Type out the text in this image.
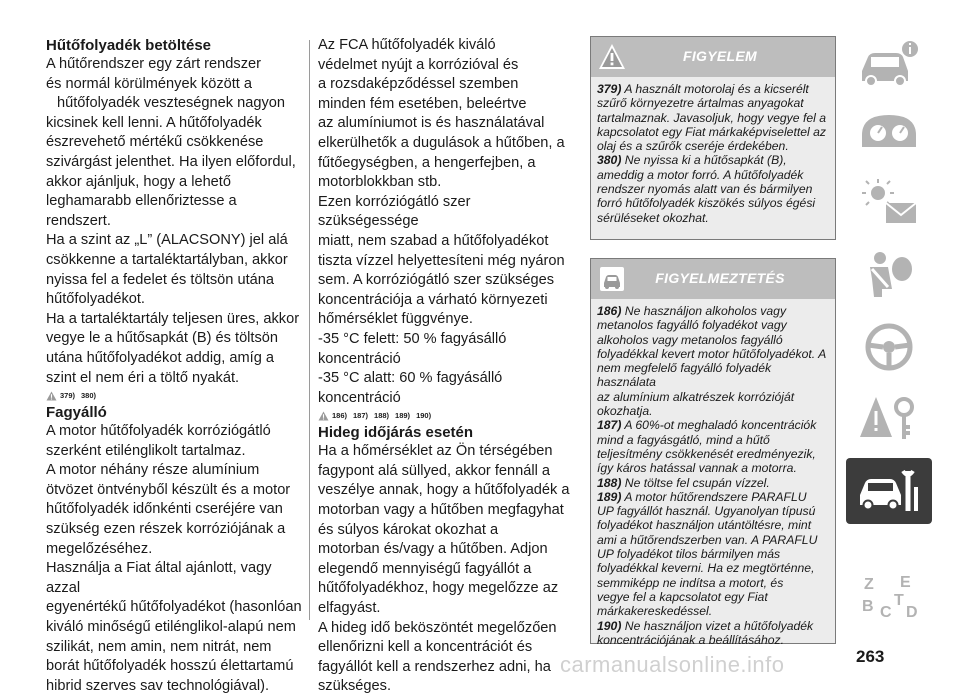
Hűtőfolyadék betöltése

A hűtőrendszer egy zárt rendszer

és normál körülmények között a

hűtőfolyadék veszteségnek nagyon

kicsinek kell lenni. A hűtőfolyadék

észrevehető mértékű csökkenése

szivárgást jelenthet. Ha ilyen előfordul,

akkor ajánljuk, hogy a lehető

leghamarabb ellenőriztesse a rendszert.

Ha a szint az „L” (ALACSONY) jel alá

csökkenne a tartaléktartályban, akkor

nyissa fel a fedelet és töltsön utána

hűtőfolyadékot.

Ha a tartaléktartály teljesen üres, akkor

vegye le a hűtősapkát (B) és töltsön

utána hűtőfolyadékot addig, amíg a

szint el nem éri a töltő nyakát.

379) 380)
Fagyálló

A motor hűtőfolyadék korróziógátló

szerként etilénglikolt tartalmaz.

A motor néhány része alumínium

ötvözet öntvényből készült és a motor

hűtőfolyadék időnkénti cseréjére van

szükség ezen részek korróziójának a

megelőzéséhez.

Használja a Fiat által ajánlott, vagy azzal

egyenértékű hűtőfolyadékot (hasonlóan

kiváló minőségű etilénglikol-alapú nem

szilikát, nem amin, nem nitrát, nem

borát hűtőfolyadék hosszú élettartamú

hibrid szerves sav technológiával).

Az FCA hűtőfolyadék kiváló

védelmet nyújt a korrózióval és

a rozsdaképződéssel szemben

minden fém esetében, beleértve

az alumíniumot is és használatával

elkerülhetők a dugulások a hűtőben, a

fűtőegységben, a hengerfejben, a

motorblokkban stb.

Ezen korróziógátló szer szükségessége

miatt, nem szabad a hűtőfolyadékot

tiszta vízzel helyettesíteni még nyáron

sem. A korróziógátló szer szükséges

koncentrációja a várható környezeti

hőmérséklet függvénye.

-35 °C felett: 50 % fagyásálló

koncentráció

-35 °C alatt: 60 % fagyásálló

koncentráció

186) 187) 188) 189) 190)
Hideg időjárás esetén

Ha a hőmérséklet az Ön térségében

fagypont alá süllyed, akkor fennáll a

veszélye annak, hogy a hűtőfolyadék a

motorban vagy a hűtőben megfagyhat

és súlyos károkat okozhat a

motorban és/vagy a hűtőben. Adjon

elegendő mennyiségű fagyállót a

hűtőfolyadékhoz, hogy megelőzze az

elfagyást.

A hideg idő beköszöntét megelőzően

ellenőrizni kell a koncentrációt és

fagyállót kell a rendszerhez adni, ha

szükséges.

FIGYELEM

379) A használt motorolaj és a kicserélt

szűrő környezetre ártalmas anyagokat

tartalmaznak. Javasoljuk, hogy vegye fel a

kapcsolatot egy Fiat márkaképviselettel az

olaj és a szűrők cseréje érdekében.

380) Ne nyissa ki a hűtősapkát (B),

ameddig a motor forró. A hűtőfolyadék

rendszer nyomás alatt van és bármilyen

forró hűtőfolyadék kiszökés súlyos égési

sérüléseket okozhat.

FIGYELMEZTETÉS

186) Ne használjon alkoholos vagy

metanolos fagyálló folyadékot vagy

alkoholos vagy metanolos fagyálló

folyadékkal kevert motor hűtőfolyadékot. A

nem megfelelő fagyálló folyadék használata

az alumínium alkatrészek korrózióját

okozhatja.

187) A 60%-ot meghaladó koncentrációk

mind a fagyásgátló, mind a hűtő

teljesítmény csökkenését eredményezik,

így káros hatással vannak a motorra.

188) Ne töltse fel csupán vízzel.

189) A motor hűtőrendszere PARAFLU

UP fagyállót használ. Ugyanolyan típusú

folyadékot használjon utántöltésre, mint

ami a hűtőrendszerben van. A PARAFLU

UP folyadékot tilos bármilyen más

folyadékkal keverni. Ha ez megtörténne,

semmiképp ne indítsa a motort, és

vegye fel a kapcsolatot egy Fiat

márkakereskedéssel.

190) Ne használjon vizet a hűtőfolyadék

koncentrációjának a beállításához.

Z E
B C
T
D
carmanualsonline.info	263
